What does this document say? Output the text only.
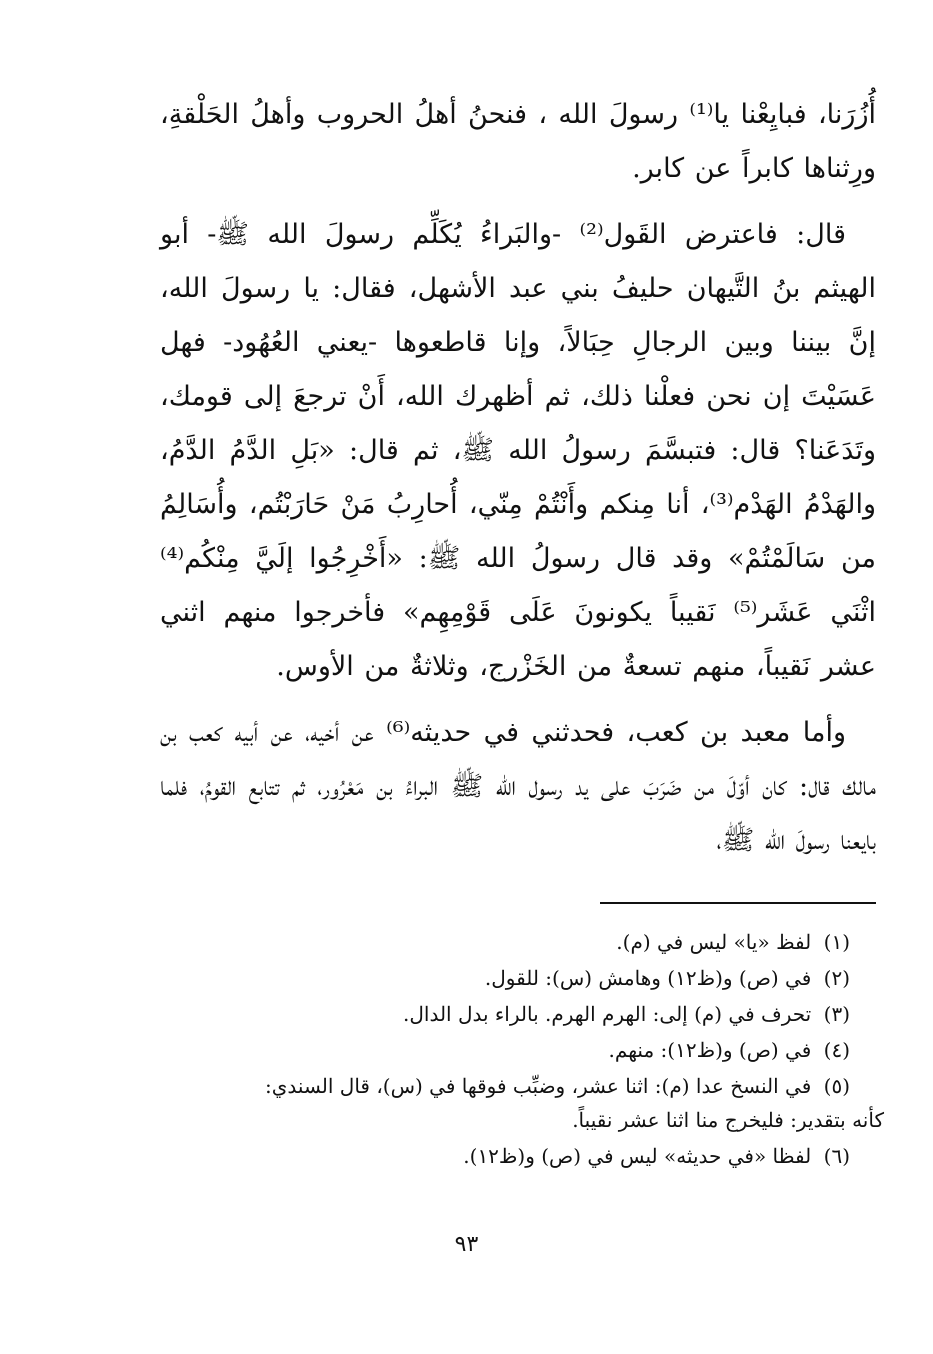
أُزُرَنا، فبايِعْنا يا⁽¹⁾ رسولَ الله ، فنحنُ أهلُ الحروب وأهلُ الحَلْقةِ، ورِثناها كابراً عن كابر.

قال: فاعترض القَول⁽²⁾ -والبَراءُ يُكَلِّم رسولَ الله ﷺ- أبو الهيثم بنُ التَّيهان حليفُ بني عبد الأشهل، فقال: يا رسولَ الله، إنَّ بيننا وبين الرجالِ حِبَالاً، وإنا قاطعوها -يعني العُهُود- فهل عَسَيْتَ إن نحن فعلْنا ذلك، ثم أظهرك الله، أَنْ ترجعَ إلى قومك، وتَدَعَنا؟ قال: فتبسَّمَ رسولُ الله ﷺ، ثم قال: «بَلِ الدَّمُ الدَّمُ، والهَدْمُ الهَدْم⁽³⁾، أنا مِنكم وأَنْتُمْ مِنّي، أُحارِبُ مَنْ حَارَبْتُم، وأُسَالِمُ من سَالَمْتُمْ» وقد قال رسولُ الله ﷺ: «أَخْرِجُوا إلَيَّ مِنْكُم⁽⁴⁾ اثْنَي عَشَر⁽⁵⁾ نَقيباً يكونونَ عَلَى قَوْمِهِم» فأخرجوا منهم اثني عشر نَقيباً، منهم تسعةٌ من الخَزْرج، وثلاثةٌ من الأوس.

وأما معبد بن كعب، فحدثني في حديثه⁽⁶⁾ عن أخيه، عن أبيه كعب بن مالك قال: كان أوّلَ من ضَرَبَ على يد رسول الله ﷺ البراءُ بن مَعْرُور، ثم تتابع القومُ، فلما بايعنا رسولَ الله ﷺ،

(١) لفظ «يا» ليس في (م).

(٢) في (ص) و(ظ١٢) وهامش (س): للقول.

(٣) تحرف في (م) إلى: الهرم الهرم. بالراء بدل الدال.

(٤) في (ص) و(ظ١٢): منهم.

(٥) في النسخ عدا (م): اثنا عشر، وضبِّب فوقها في (س)، قال السندي:

كأنه بتقدير: فليخرج منا اثنا عشر نقيباً.

(٦) لفظا «في حديثه» ليس في (ص) و(ظ١٢).

٩٣
